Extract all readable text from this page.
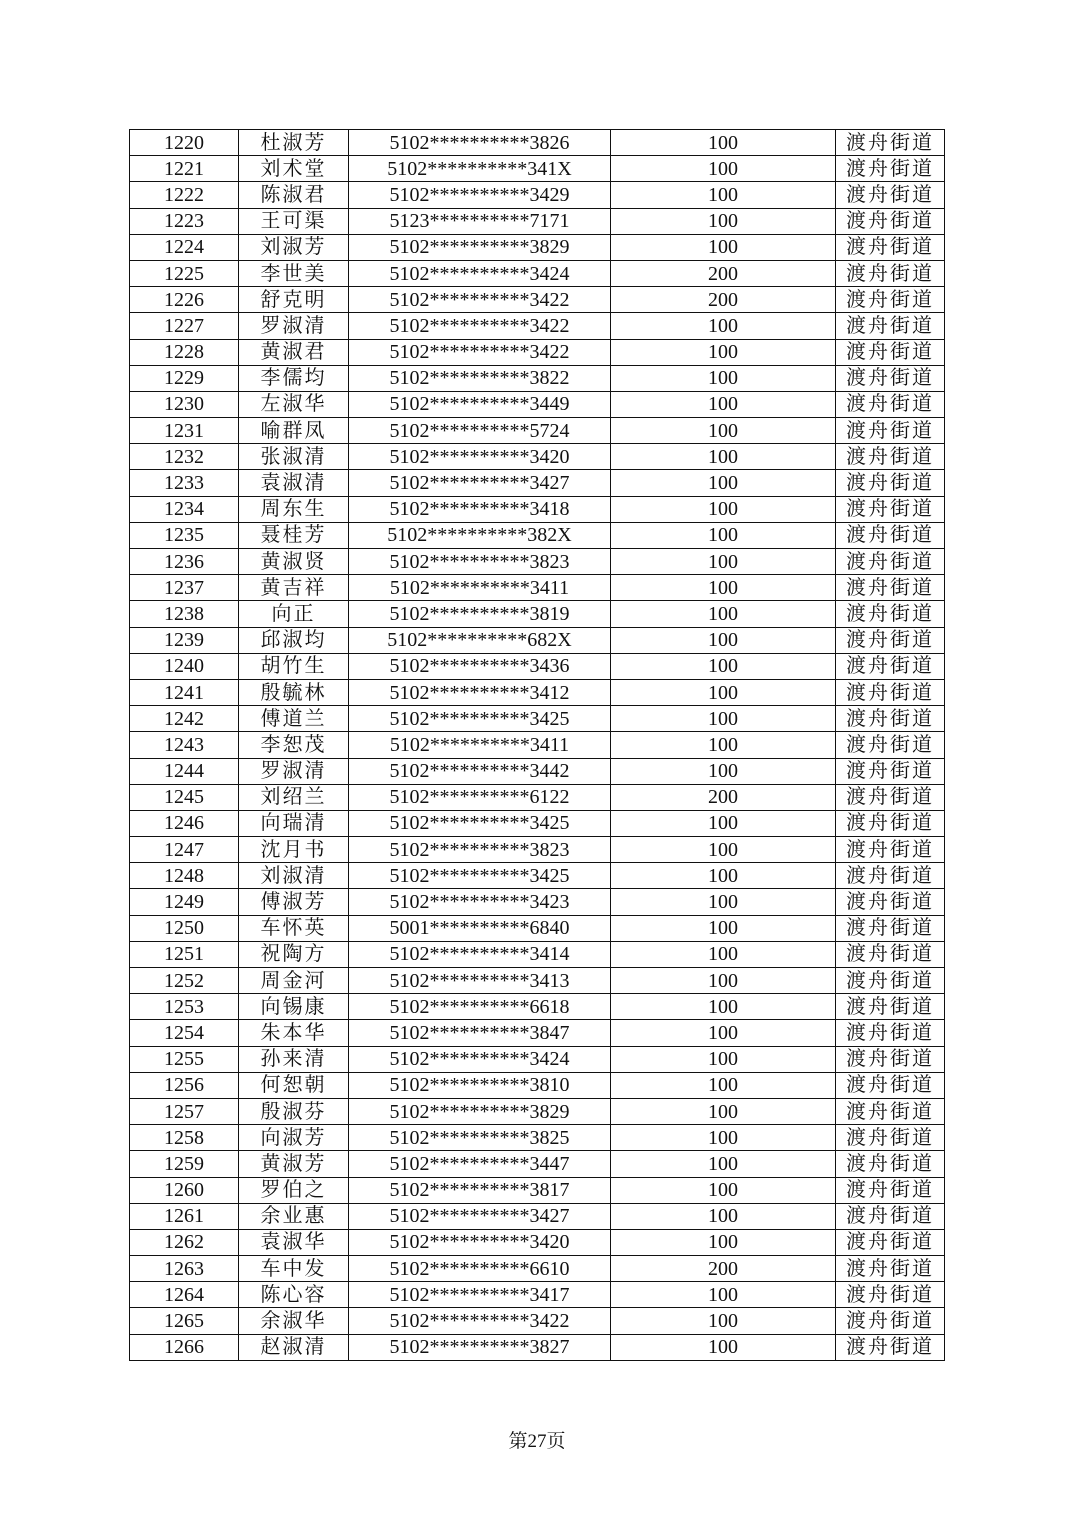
1220	杜淑芳	5102**********3826	100	渡舟街道
1221	刘术堂	5102**********341X	100	渡舟街道
1222	陈淑君	5102**********3429	100	渡舟街道
1223	王可渠	5123**********7171	100	渡舟街道
1224	刘淑芳	5102**********3829	100	渡舟街道
1225	李世美	5102**********3424	200	渡舟街道
1226	舒克明	5102**********3422	200	渡舟街道
1227	罗淑清	5102**********3422	100	渡舟街道
1228	黄淑君	5102**********3422	100	渡舟街道
1229	李儒均	5102**********3822	100	渡舟街道
1230	左淑华	5102**********3449	100	渡舟街道
1231	喻群凤	5102**********5724	100	渡舟街道
1232	张淑清	5102**********3420	100	渡舟街道
1233	袁淑清	5102**********3427	100	渡舟街道
1234	周东生	5102**********3418	100	渡舟街道
1235	聂桂芳	5102**********382X	100	渡舟街道
1236	黄淑贤	5102**********3823	100	渡舟街道
1237	黄吉祥	5102**********3411	100	渡舟街道
1238	向正	5102**********3819	100	渡舟街道
1239	邱淑均	5102**********682X	100	渡舟街道
1240	胡竹生	5102**********3436	100	渡舟街道
1241	殷毓林	5102**********3412	100	渡舟街道
1242	傅道兰	5102**********3425	100	渡舟街道
1243	李恕茂	5102**********3411	100	渡舟街道
1244	罗淑清	5102**********3442	100	渡舟街道
1245	刘绍兰	5102**********6122	200	渡舟街道
1246	向瑞清	5102**********3425	100	渡舟街道
1247	沈月书	5102**********3823	100	渡舟街道
1248	刘淑清	5102**********3425	100	渡舟街道
1249	傅淑芳	5102**********3423	100	渡舟街道
1250	车怀英	5001**********6840	100	渡舟街道
1251	祝陶方	5102**********3414	100	渡舟街道
1252	周金河	5102**********3413	100	渡舟街道
1253	向锡康	5102**********6618	100	渡舟街道
1254	朱本华	5102**********3847	100	渡舟街道
1255	孙来清	5102**********3424	100	渡舟街道
1256	何恕朝	5102**********3810	100	渡舟街道
1257	殷淑芬	5102**********3829	100	渡舟街道
1258	向淑芳	5102**********3825	100	渡舟街道
1259	黄淑芳	5102**********3447	100	渡舟街道
1260	罗伯之	5102**********3817	100	渡舟街道
1261	余业惠	5102**********3427	100	渡舟街道
1262	袁淑华	5102**********3420	100	渡舟街道
1263	车中发	5102**********6610	200	渡舟街道
1264	陈心容	5102**********3417	100	渡舟街道
1265	余淑华	5102**********3422	100	渡舟街道
1266	赵淑清	5102**********3827	100	渡舟街道
第27页
